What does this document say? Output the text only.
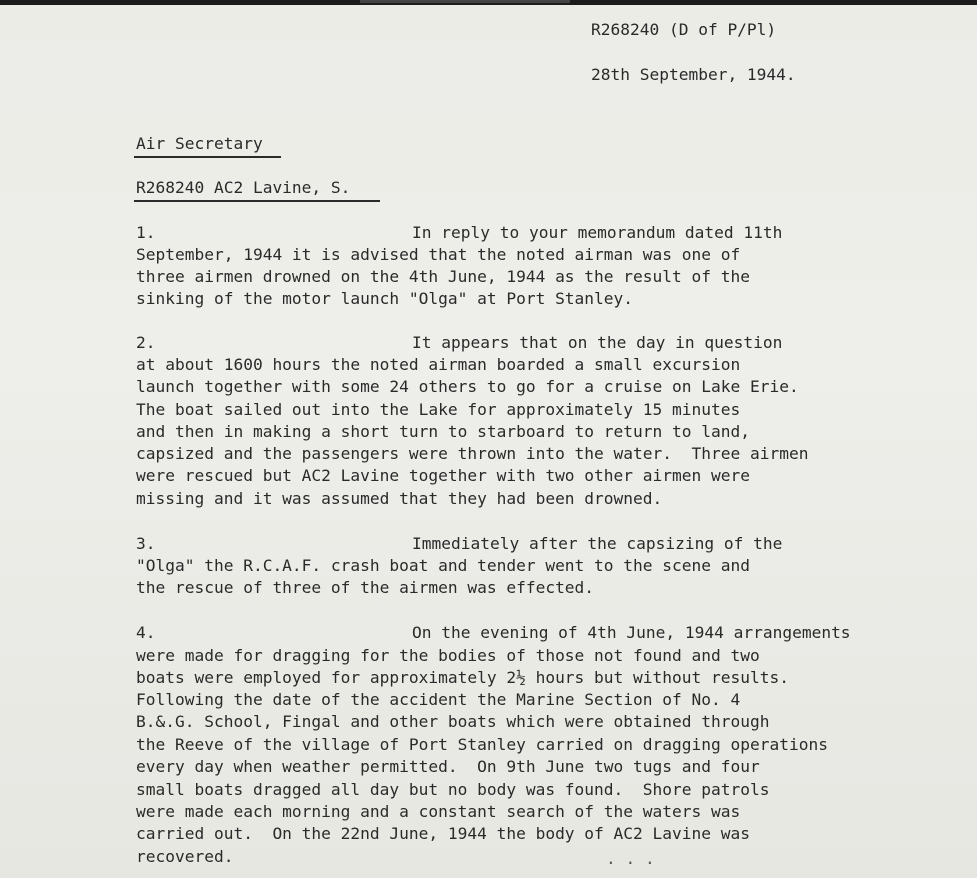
R268240 (D of P/Pl)
28th September, 1944.
Air Secretary
R268240 AC2 Lavine, S.
1.	In reply to your memorandum dated 11th
September, 1944 it is advised that the noted airman was one of
three airmen drowned on the 4th June, 1944 as the result of the
sinking of the motor launch "Olga" at Port Stanley.
2.	It appears that on the day in question
at about 1600 hours the noted airman boarded a small excursion
launch together with some 24 others to go for a cruise on Lake Erie.
The boat sailed out into the Lake for approximately 15 minutes
and then in making a short turn to starboard to return to land,
capsized and the passengers were thrown into the water.  Three airmen
were rescued but AC2 Lavine together with two other airmen were
missing and it was assumed that they had been drowned.
3.	Immediately after the capsizing of the
"Olga" the R.C.A.F. crash boat and tender went to the scene and
the rescue of three of the airmen was effected.
4.	On the evening of 4th June, 1944 arrangements
were made for dragging for the bodies of those not found and two
boats were employed for approximately 2½ hours but without results.
Following the date of the accident the Marine Section of No. 4
B.&.G. School, Fingal and other boats which were obtained through
the Reeve of the village of Port Stanley carried on dragging operations
every day when weather permitted.  On 9th June two tugs and four
small boats dragged all day but no body was found.  Shore patrols
were made each morning and a constant search of the waters was
carried out.  On the 22nd June, 1944 the body of AC2 Lavine was
recovered.	. . .
